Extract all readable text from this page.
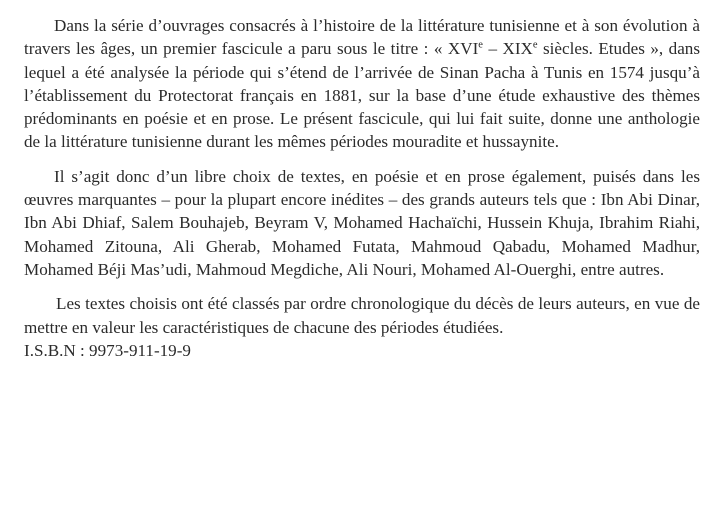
Dans la série d’ouvrages consacrés à l’histoire de la littérature tunisienne et à son évolution à travers les âges, un premier fascicule a paru sous le titre : « XVIe – XIXe siècles. Etudes », dans lequel a été analysée la période qui s’étend de l’arrivée de Sinan Pacha à Tunis en 1574 jusqu’à l’établissement du Protectorat français en 1881, sur la base d’une étude exhaustive des thèmes prédominants en poésie et en prose. Le présent fascicule, qui lui fait suite, donne une anthologie de la littérature tunisienne durant les mêmes périodes mouradite et hussaynite.

Il s’agit donc d’un libre choix de textes, en poésie et en prose également, puisés dans les œuvres marquantes – pour la plupart encore inédites – des grands auteurs tels que : Ibn Abi Dinar, Ibn Abi Dhiaf, Salem Bouhajeb, Beyram V, Mohamed Hachaïchi, Hussein Khuja, Ibrahim Riahi, Mohamed Zitouna, Ali Gherab, Mohamed Futata, Mahmoud Qabadu, Mohamed Madhur, Mohamed Béji Mas’udi, Mahmoud Megdiche, Ali Nouri, Mohamed Al-Ouerghi, entre autres.

Les textes choisis ont été classés par ordre chronologique du décès de leurs auteurs, en vue de mettre en valeur les caractéristiques de chacune des périodes étudiées.

I.S.B.N : 9973-911-19-9
